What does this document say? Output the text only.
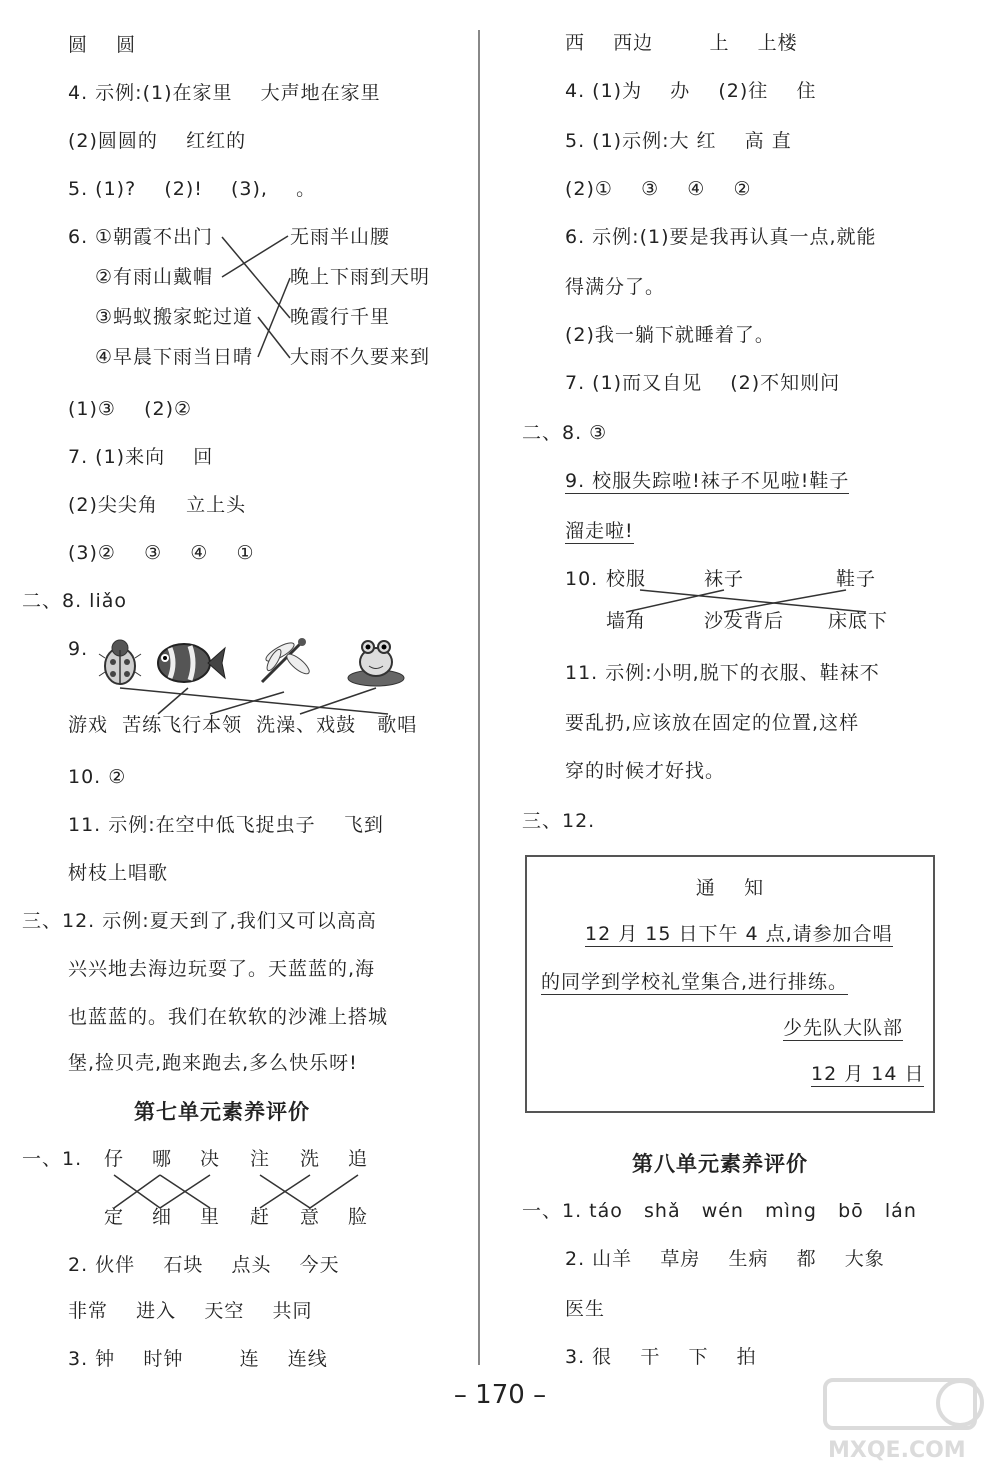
圆    圆
4. 示例:(1)在家里    大声地在家里
(2)圆圆的    红红的
5. (1)?    (2)!    (3),    。
6. ①朝霞不出门
②有雨山戴帽
③蚂蚁搬家蛇过道
④早晨下雨当日晴
无雨半山腰
晚上下雨到天明
晚霞行千里
大雨不久要来到
(1)③    (2)②
7. (1)来向    回
(2)尖尖角    立上头
(3)②    ③    ④    ①
二、8. liǎo
9.
游戏  苦练飞行本领  洗澡、戏鼓   歌唱
10. ②
11. 示例:在空中低飞捉虫子    飞到
树枝上唱歌
三、12. 示例:夏天到了,我们又可以高高
兴兴地去海边玩耍了。天蓝蓝的,海
也蓝蓝的。我们在软软的沙滩上搭城
堡,捡贝壳,跑来跑去,多么快乐呀!
第七单元素养评价
一、1. 仔 哪 决 注 洗 追
定 细 里 赶 意 脸
2. 伙伴    石块    点头    今天
非常    进入    天空    共同
3. 钟    时钟        连    连线
西    西边        上    上楼
4. (1)为    办    (2)往    住
5. (1)示例:大 红    高 直
(2)①    ③    ④    ②
6. 示例:(1)要是我再认真一点,就能
得满分了。
(2)我一躺下就睡着了。
7. (1)而又自见    (2)不知则问
二、8. ③
9. 校服失踪啦!袜子不见啦!鞋子
溜走啦!
10. 校服	袜子	鞋子
墙角	沙发背后 床底下
11. 示例:小明,脱下的衣服、鞋袜不
要乱扔,应该放在固定的位置,这样
穿的时候才好找。
三、12.
通    知
12 月 15 日下午 4 点,请参加合唱
的同学到学校礼堂集合,进行排练。
少先队大队部
12 月 14 日
第八单元素养评价
一、1. táo   shǎ   wén   mìng   bō   lán
2. 山羊    草房    生病    都    大象
医生
3. 很    干    下    拍
– 170 –
MXQE.COM
